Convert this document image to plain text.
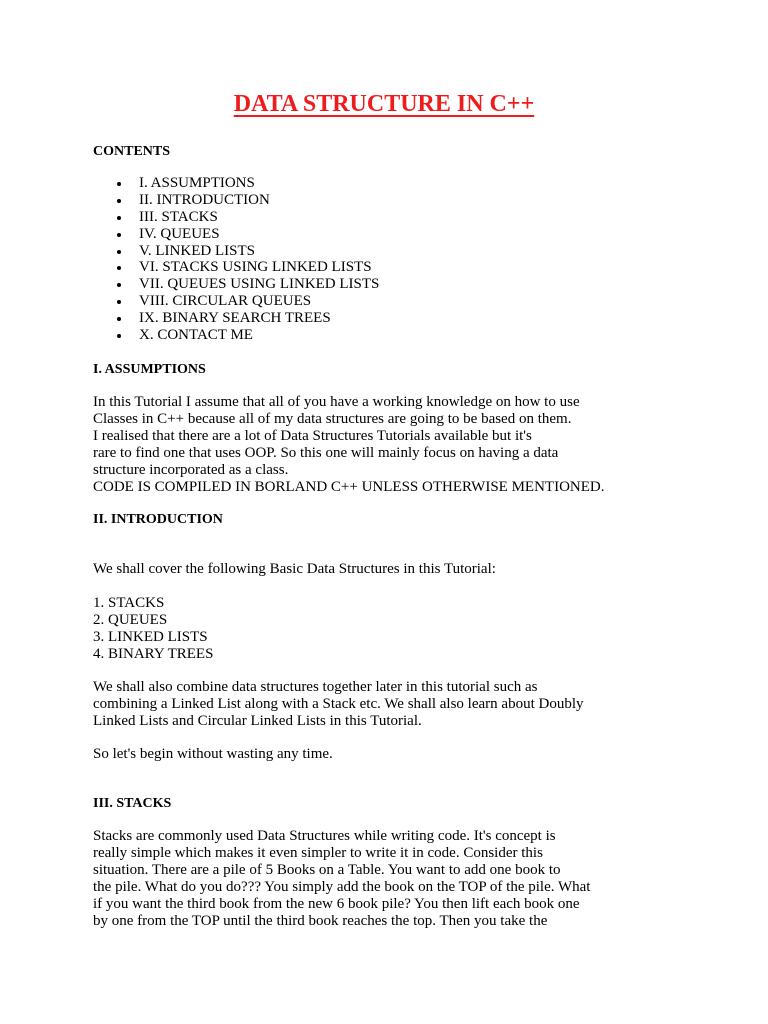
DATA STRUCTURE IN C++
CONTENTS
I. ASSUMPTIONS
II. INTRODUCTION
III. STACKS
IV. QUEUES
V. LINKED LISTS
VI. STACKS USING LINKED LISTS
VII. QUEUES USING LINKED LISTS
VIII. CIRCULAR QUEUES
IX. BINARY SEARCH TREES
X. CONTACT ME
I. ASSUMPTIONS
In this Tutorial I assume that all of you have a working knowledge on how to use
Classes in C++ because all of my data structures are going to be based on them.
I realised that there are a lot of Data Structures Tutorials available but it's
rare to find one that uses OOP. So this one will mainly focus on having a data
structure incorporated as a class.
CODE IS COMPILED IN BORLAND C++ UNLESS OTHERWISE MENTIONED.
II. INTRODUCTION
We shall cover the following Basic Data Structures in this Tutorial:
1. STACKS
2. QUEUES
3. LINKED LISTS
4. BINARY TREES
We shall also combine data structures together later in this tutorial such as
combining a Linked List along with a Stack etc. We shall also learn about Doubly
Linked Lists and Circular Linked Lists in this Tutorial.
So let's begin without wasting any time.
III. STACKS
Stacks are commonly used Data Structures while writing code. It's concept is
really simple which makes it even simpler to write it in code. Consider this
situation. There are a pile of 5 Books on a Table. You want to add one book to
the pile. What do you do??? You simply add the book on the TOP of the pile. What
if you want the third book from the new 6 book pile? You then lift each book one
by one from the TOP until the third book reaches the top. Then you take the
